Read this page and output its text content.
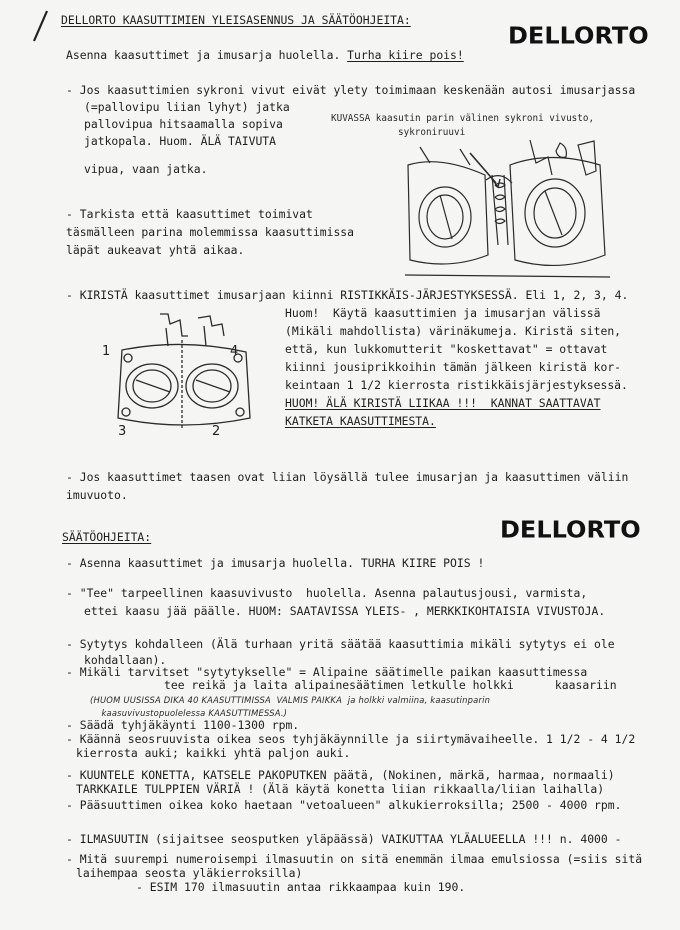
DELLORTO KAASUTTIMIEN YLEISASENNUS JA SÄÄTÖOHJEITA:
DELLORTO
Asenna kaasuttimet ja imusarja huolella. Turha kiire pois!
- Jos kaasuttimien sykroni vivut eivät ylety toimimaan keskenään autosi imusarjassa
(=pallovipu liian lyhyt) jatka
pallovipua hitsaamalla sopiva
jatkopala. Huom. ÄLÄ TAIVUTA
vipua, vaan jatka.
KUVASSA kaasutin parin välinen sykroni vivusto,
sykroniruuvi
- Tarkista että kaasuttimet toimivat
täsmälleen parina molemmissa kaasuttimissa
läpät aukeavat yhtä aikaa.
- KIRISTÄ kaasuttimet imusarjaan kiinni RISTIKKÄIS-JÄRJESTYKSESSÄ. Eli 1, 2, 3, 4.
Huom!  Käytä kaasuttimien ja imusarjan välissä
(Mikäli mahdollista) värinäkumeja. Kiristä siten,
että, kun lukkomutterit "koskettavat" = ottavat
kiinni jousiprikkoihin tämän jälkeen kiristä kor-
keintaan 1 1/2 kierrosta ristikkäisjärjestyksessä.
HUOM! ÄLÄ KIRISTÄ LIIKAA !!!  KANNAT SAATTAVAT
KATKETA KAASUTTIMESTA.
1	4
3	2
- Jos kaasuttimet taasen ovat liian löysällä tulee imusarjan ja kaasuttimen väliin
imuvuoto.
SÄÄTÖOHJEITA:	DELLORTO
- Asenna kaasuttimet ja imusarja huolella. TURHA KIIRE POIS !
- "Tee" tarpeellinen kaasuvivusto  huolella. Asenna palautusjousi, varmista,
ettei kaasu jää päälle. HUOM: SAATAVISSA YLEIS- , MERKKIKOHTAISIA VIVUSTOJA.
- Sytytys kohdalleen (Älä turhaan yritä säätää kaasuttimia mikäli sytytys ei ole
kohdallaan).
- Mikäli tarvitset "sytytykselle" = Alipaine säätimelle paikan kaasuttimessa
tee reikä ja laita alipainesäätimen letkulle holkki      kaasariin
(HUOM UUSISSA DIKA 40 KAASUTTIMISSA  VALMIS PAIKKA  ja holkki valmiina, kaasutinparin
kaasuvivustopuolelessa KAASUTTIMESSA.)
- Säädä tyhjäkäynti 1100-1300 rpm.
- Käännä seosruuvista oikea seos tyhjäkäynnille ja siirtymävaiheelle. 1 1/2 - 4 1/2
kierrosta auki; kaikki yhtä paljon auki.
- KUUNTELE KONETTA, KATSELE PAKOPUTKEN päätä, (Nokinen, märkä, harmaa, normaali)
TARKKAILE TULPPIEN VÄRIÄ ! (Älä käytä konetta liian rikkaalla/liian laihalla)
- Pääsuuttimen oikea koko haetaan "vetoalueen" alkukierroksilla; 2500 - 4000 rpm.
- ILMASUUTIN (sijaitsee seosputken yläpäässä) VAIKUTTAA YLÄALUEELLA !!! n. 4000 -
- Mitä suurempi numeroisempi ilmasuutin on sitä enemmän ilmaa emulsiossa (=siis sitä
laihempaa seosta yläkierroksilla)
- ESIM 170 ilmasuutin antaa rikkaampaa kuin 190.
